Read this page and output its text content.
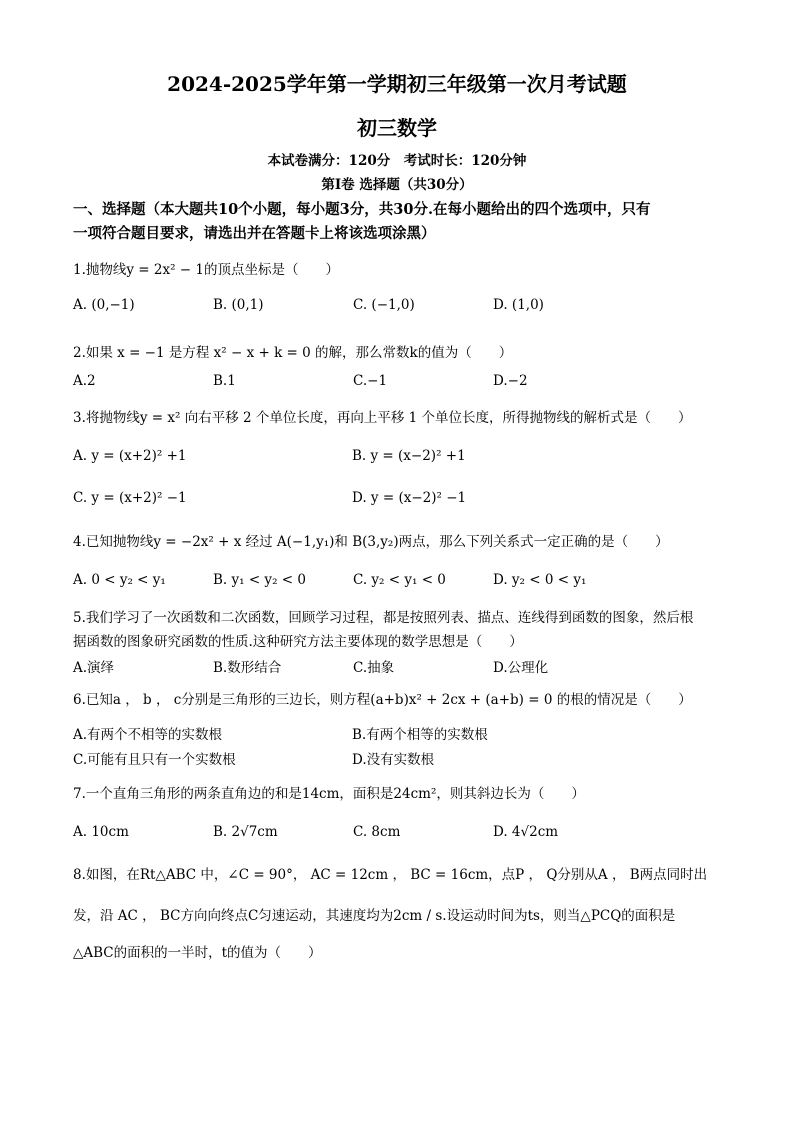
2024-2025学年第一学期初三年级第一次月考试题
初三数学
本试卷满分：120分　考试时长：120分钟
第Ⅰ卷 选择题（共30分）
一、选择题（本大题共10个小题，每小题3分，共30分.在每小题给出的四个选项中，只有
一项符合题目要求，请选出并在答题卡上将该选项涂黑）
1.抛物线y = 2x² − 1的顶点坐标是（　　）
A. (0,−1)	B. (0,1)	C. (−1,0)	D. (1,0)
2.如果 x = −1 是方程 x² − x + k = 0 的解，那么常数k的值为（　　）
A.2	B.1	C.−1	D.−2
3.将抛物线y = x² 向右平移 2 个单位长度，再向上平移 1 个单位长度，所得抛物线的解析式是（　　）
A. y = (x+2)² +1	B. y = (x−2)² +1
C. y = (x+2)² −1	D. y = (x−2)² −1
4.已知抛物线y = −2x² + x 经过 A(−1,y₁)和 B(3,y₂)两点，那么下列关系式一定正确的是（　　）
A. 0 < y₂ < y₁	B. y₁ < y₂ < 0	C. y₂ < y₁ < 0	D. y₂ < 0 < y₁
5.我们学习了一次函数和二次函数，回顾学习过程，都是按照列表、描点、连线得到函数的图象，然后根
据函数的图象研究函数的性质.这种研究方法主要体现的数学思想是（　　）
A.演绎	B.数形结合	C.抽象	D.公理化
6.已知a ， b ， c分别是三角形的三边长，则方程(a+b)x² + 2cx + (a+b) = 0 的根的情况是（　　）
A.有两个不相等的实数根	B.有两个相等的实数根
C.可能有且只有一个实数根	D.没有实数根
7.一个直角三角形的两条直角边的和是14cm，面积是24cm²，则其斜边长为（　　）
A. 10cm	B. 2√7cm	C. 8cm	D. 4√2cm
8.如图，在Rt△ABC 中，∠C = 90°， AC = 12cm ， BC = 16cm，点P ， Q分别从A ， B两点同时出
发，沿 AC ， BC方向向终点C匀速运动，其速度均为2cm / s.设运动时间为ts，则当△PCQ的面积是
△ABC的面积的一半时，t的值为（　　）
